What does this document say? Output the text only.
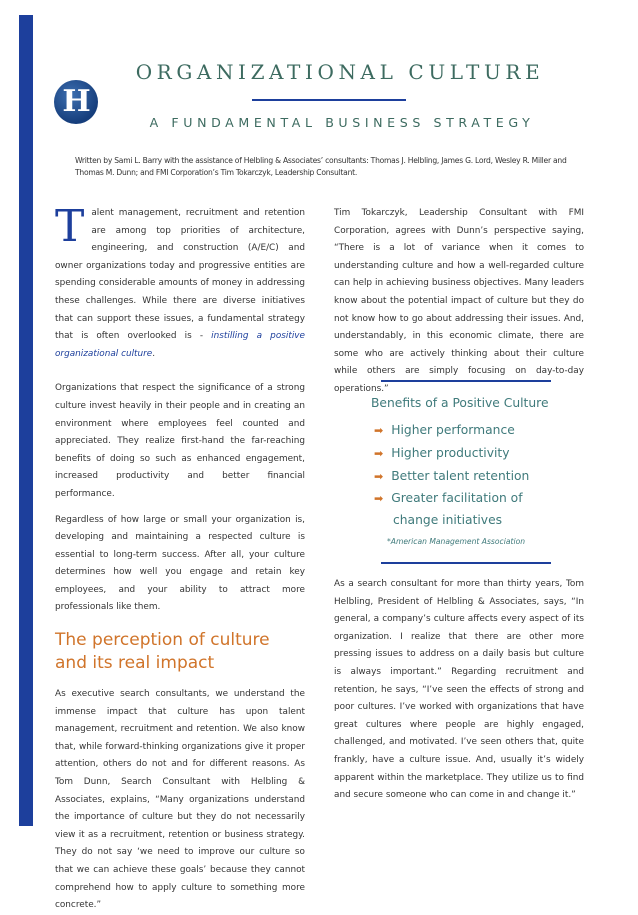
H
ORGANIZATIONAL CULTURE
A FUNDAMENTAL BUSINESS STRATEGY
Written by Sami L. Barry with the assistance of Helbling & Associates’ consultants: Thomas J. Helbling, James G. Lord, Wesley R. Miller and Thomas M. Dunn; and FMI Corporation’s Tim Tokarczyk, Leadership Consultant.

Talent management, recruitment and retention are among top priorities of architecture, engineering, and construction (A/E/C) and owner organizations today and progressive entities are spending considerable amounts of money in addressing these challenges. While there are diverse initiatives that can support these issues, a fundamental strategy that is often overlooked is - instilling a positive organizational culture.

Organizations that respect the significance of a strong culture invest heavily in their people and in creating an environment where employees feel counted and appreciated. They realize first-hand the far-reaching benefits of doing so such as enhanced engagement, increased productivity and better financial performance.

Regardless of how large or small your organization is, developing and maintaining a respected culture is essential to long-term success. After all, your culture determines how well you engage and retain key employees, and your ability to attract more professionals like them.

The perception of culture

and its real impact

As executive search consultants, we understand the immense impact that culture has upon talent management, recruitment and retention. We also know that, while forward-thinking organizations give it proper attention, others do not and for different reasons. As Tom Dunn, Search Consultant with Helbling & Associates, explains, “Many organizations understand the importance of culture but they do not necessarily view it as a recruitment, retention or business strategy. They do not say ‘we need to improve our culture so that we can achieve these goals’ because they cannot comprehend how to apply culture to something more concrete.”

Tim Tokarczyk, Leadership Consultant with FMI Corporation, agrees with Dunn’s perspective saying, “There is a lot of variance when it comes to understanding culture and how a well-regarded culture can help in achieving business objectives. Many leaders know about the potential impact of culture but they do not know how to go about addressing their issues. And, understandably, in this economic climate, there are some who are actively thinking about their culture while others are simply focusing on day-to-day operations.”

Benefits of a Positive Culture
➡ Higher performance
➡ Higher productivity
➡ Better talent retention
➡ Greater facilitation of
change initiatives
*American Management Association

As a search consultant for more than thirty years, Tom Helbling, President of Helbling & Associates, says, “In general, a company’s culture affects every aspect of its organization. I realize that there are other more pressing issues to address on a daily basis but culture is always important.” Regarding recruitment and retention, he says, “I’ve seen the effects of strong and poor cultures. I’ve worked with organizations that have great cultures where people are highly engaged, challenged, and motivated. I’ve seen others that, quite frankly, have a culture issue. And, usually it’s widely apparent within the marketplace. They utilize us to find and secure someone who can come in and change it.”
